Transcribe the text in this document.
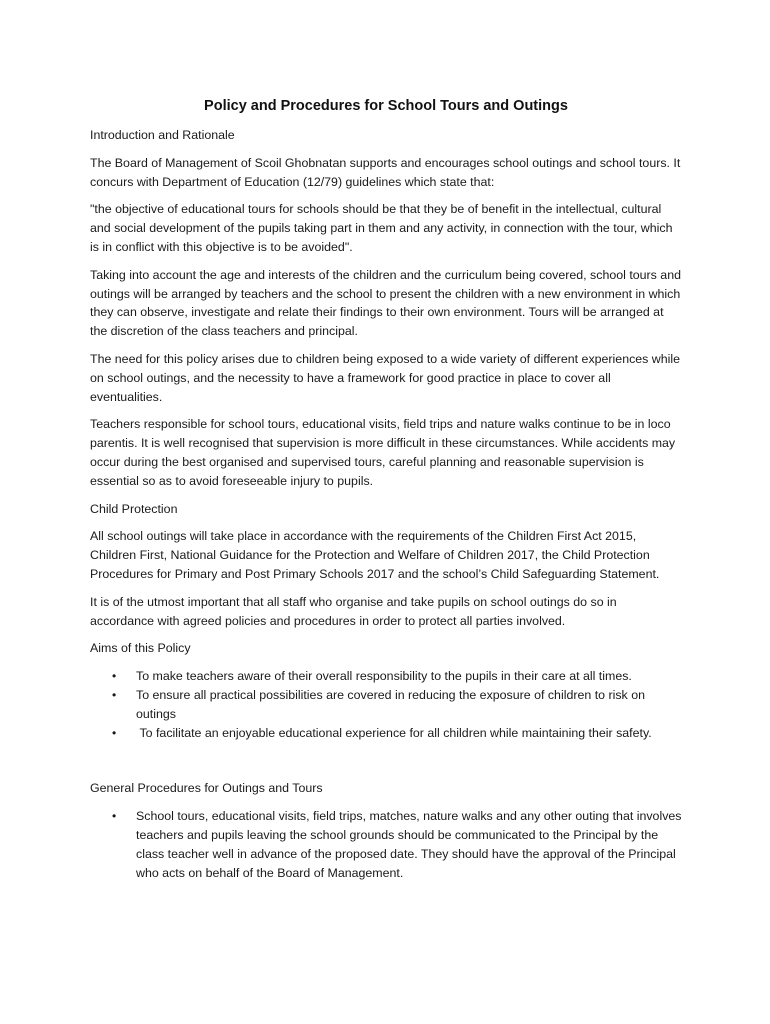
Policy and Procedures for School Tours and Outings
Introduction and Rationale

The Board of Management of Scoil Ghobnatan supports and encourages school outings and school tours. It concurs with Department of Education (12/79) guidelines which state that:

"the objective of educational tours for schools should be that they be of benefit in the intellectual, cultural and social development of the pupils taking part in them and any activity, in connection with the tour, which is in conflict with this objective is to be avoided".

Taking into account the age and interests of the children and the curriculum being covered, school tours and outings will be arranged by teachers and the school to present the children with a new environment in which they can observe, investigate and relate their findings to their own environment. Tours will be arranged at the discretion of the class teachers and principal.

The need for this policy arises due to children being exposed to a wide variety of different experiences while on school outings, and the necessity to have a framework for good practice in place to cover all eventualities.

Teachers responsible for school tours, educational visits, field trips and nature walks continue to be in loco parentis. It is well recognised that supervision is more difficult in these circumstances. While accidents may occur during the best organised and supervised tours, careful planning and reasonable supervision is essential so as to avoid foreseeable injury to pupils.

Child Protection

All school outings will take place in accordance with the requirements of the Children First Act 2015, Children First, National Guidance for the Protection and Welfare of Children 2017, the Child Protection Procedures for Primary and Post Primary Schools 2017 and the school’s Child Safeguarding Statement.

It is of the utmost important that all staff who organise and take pupils on school outings do so in accordance with agreed policies and procedures in order to protect all parties involved.

Aims of this Policy
• To make teachers aware of their overall responsibility to the pupils in their care at all times.
• To ensure all practical possibilities are covered in reducing the exposure of children to risk on outings
• To facilitate an enjoyable educational experience for all children while maintaining their safety.
General Procedures for Outings and Tours
• School tours, educational visits, field trips, matches, nature walks and any other outing that involves teachers and pupils leaving the school grounds should be communicated to the Principal by the class teacher well in advance of the proposed date. They should have the approval of the Principal who acts on behalf of the Board of Management.
